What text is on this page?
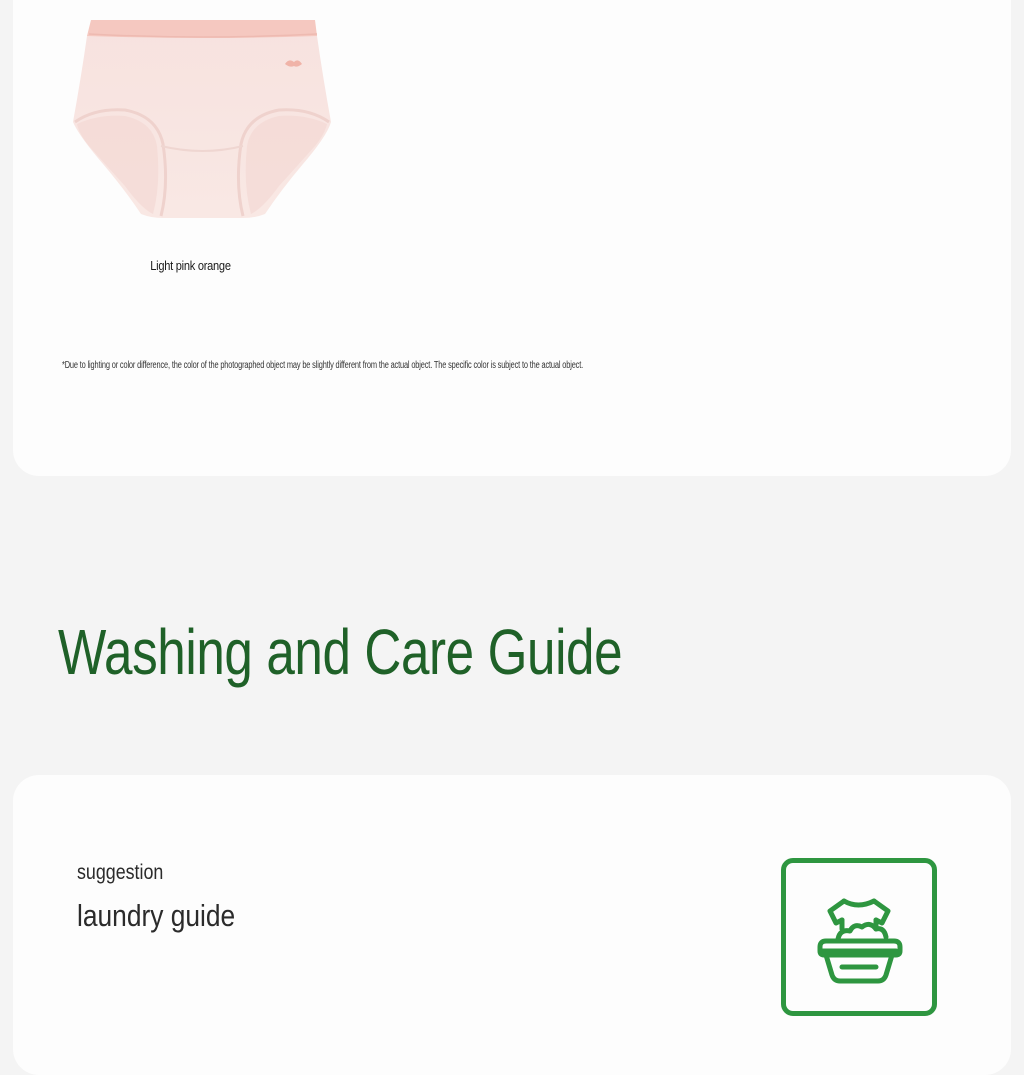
Light pink orange
*Due to lighting or color difference, the color of the photographed object may be slightly different from the actual object. The specific color is subject to the actual object.
Washing and Care Guide
suggestion
laundry guide
